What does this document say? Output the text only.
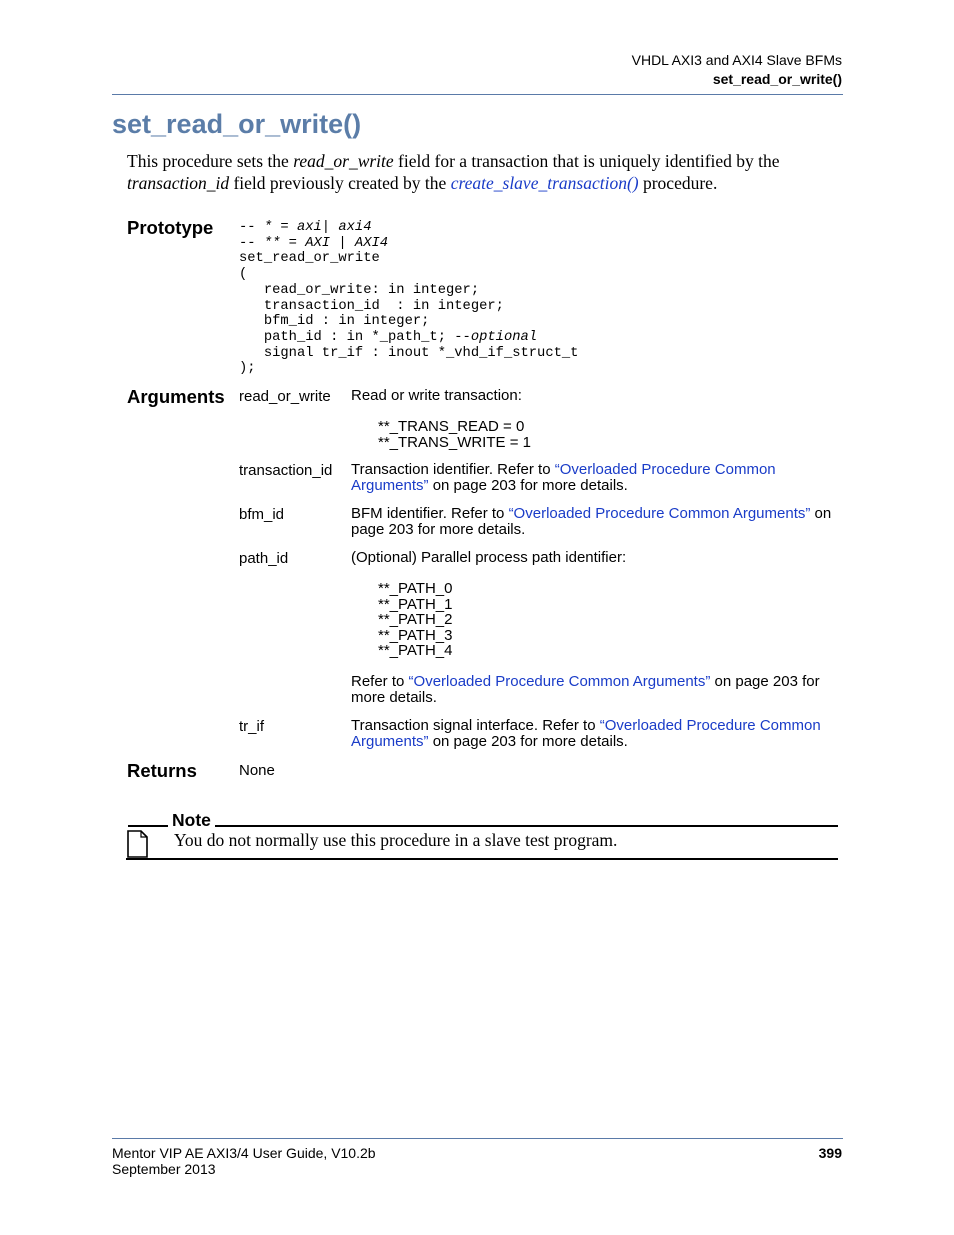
VHDL AXI3 and AXI4 Slave BFMs
set_read_or_write()
set_read_or_write()
This procedure sets the read_or_write field for a transaction that is uniquely identified by the transaction_id field previously created by the create_slave_transaction() procedure.
Prototype -- * = axi| axi4
-- ** = AXI | AXI4
set_read_or_write
(
read_or_write: in integer;
transaction_id  : in integer;
bfm_id : in integer;
path_id : in *_path_t; --optional
signal tr_if : inout *_vhd_if_struct_t
);
Arguments read_or_write Read or write transaction:
**_TRANS_READ = 0
**_TRANS_WRITE = 1
transaction_id Transaction identifier. Refer to “Overloaded Procedure Common Arguments” on page 203 for more details.
bfm_id	BFM identifier. Refer to “Overloaded Procedure Common Arguments” on page 203 for more details.
path_id	(Optional) Parallel process path identifier:
**_PATH_0
**_PATH_1
**_PATH_2
**_PATH_3
**_PATH_4
Refer to “Overloaded Procedure Common Arguments” on page 203 for more details.
tr_if	Transaction signal interface. Refer to “Overloaded Procedure Common Arguments” on page 203 for more details.
Returns	None
Note
You do not normally use this procedure in a slave test program.
Mentor VIP AE AXI3/4 User Guide, V10.2b
September 2013
399
